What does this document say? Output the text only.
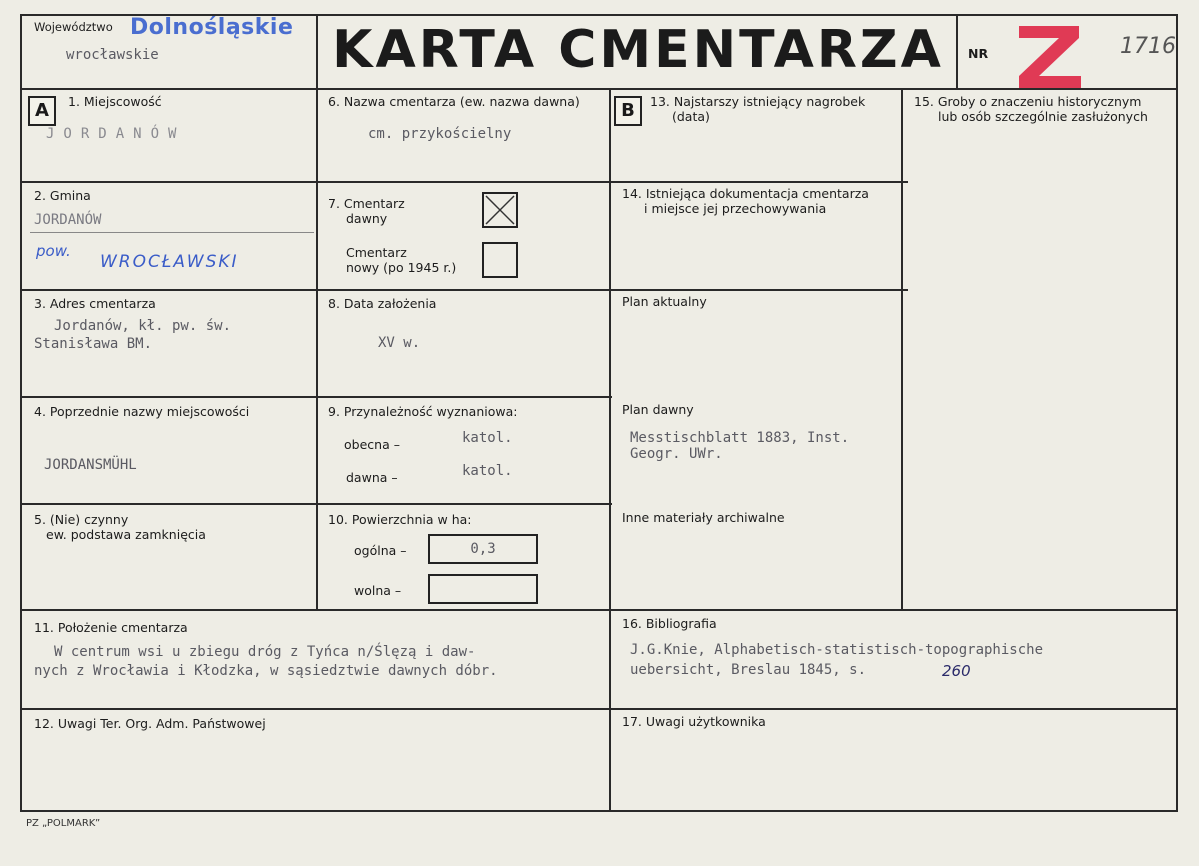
Województwo Dolnośląskie
wrocławskie	KARTA CMENTARZA	NR	1716
A	B
1. Miejscowość
JORDANÓW
2. Gmina
JORDANÓW
pow.
WROCŁAWSKI
3. Adres cmentarza
Jordanów, kł. pw. św.
Stanisława BM.
4. Poprzednie nazwy miejscowości
JORDANSMÜHL
5. (Nie) czynny
ew. podstawa zamknięcia
6. Nazwa cmentarza (ew. nazwa dawna)
cm. przykościelny
7. Cmentarz
dawny
Cmentarz
nowy (po 1945 r.)
8. Data założenia
XV w.
9. Przynależność wyznaniowa:
obecna –	katol.
dawna –	katol.
10. Powierzchnia w ha:
ogólna –	0,3
wolna –
13. Najstarszy istniejący nagrobek
(data)
14. Istniejąca dokumentacja cmentarza
i miejsce jej przechowywania
Plan aktualny
Plan dawny
Messtischblatt 1883, Inst.
Geogr. UWr.
Inne materiały archiwalne
15. Groby o znaczeniu historycznym
lub osób szczególnie zasłużonych
11. Położenie cmentarza
W centrum wsi u zbiegu dróg z Tyńca n/Ślęzą i daw-
nych z Wrocławia i Kłodzka, w sąsiedztwie dawnych dóbr.
16. Bibliografia
J.G.Knie, Alphabetisch-statistisch-topographische
uebersicht, Breslau 1845, s.	260
12. Uwagi Ter. Org. Adm. Państwowej	17. Uwagi użytkownika
PZ „POLMARK”
